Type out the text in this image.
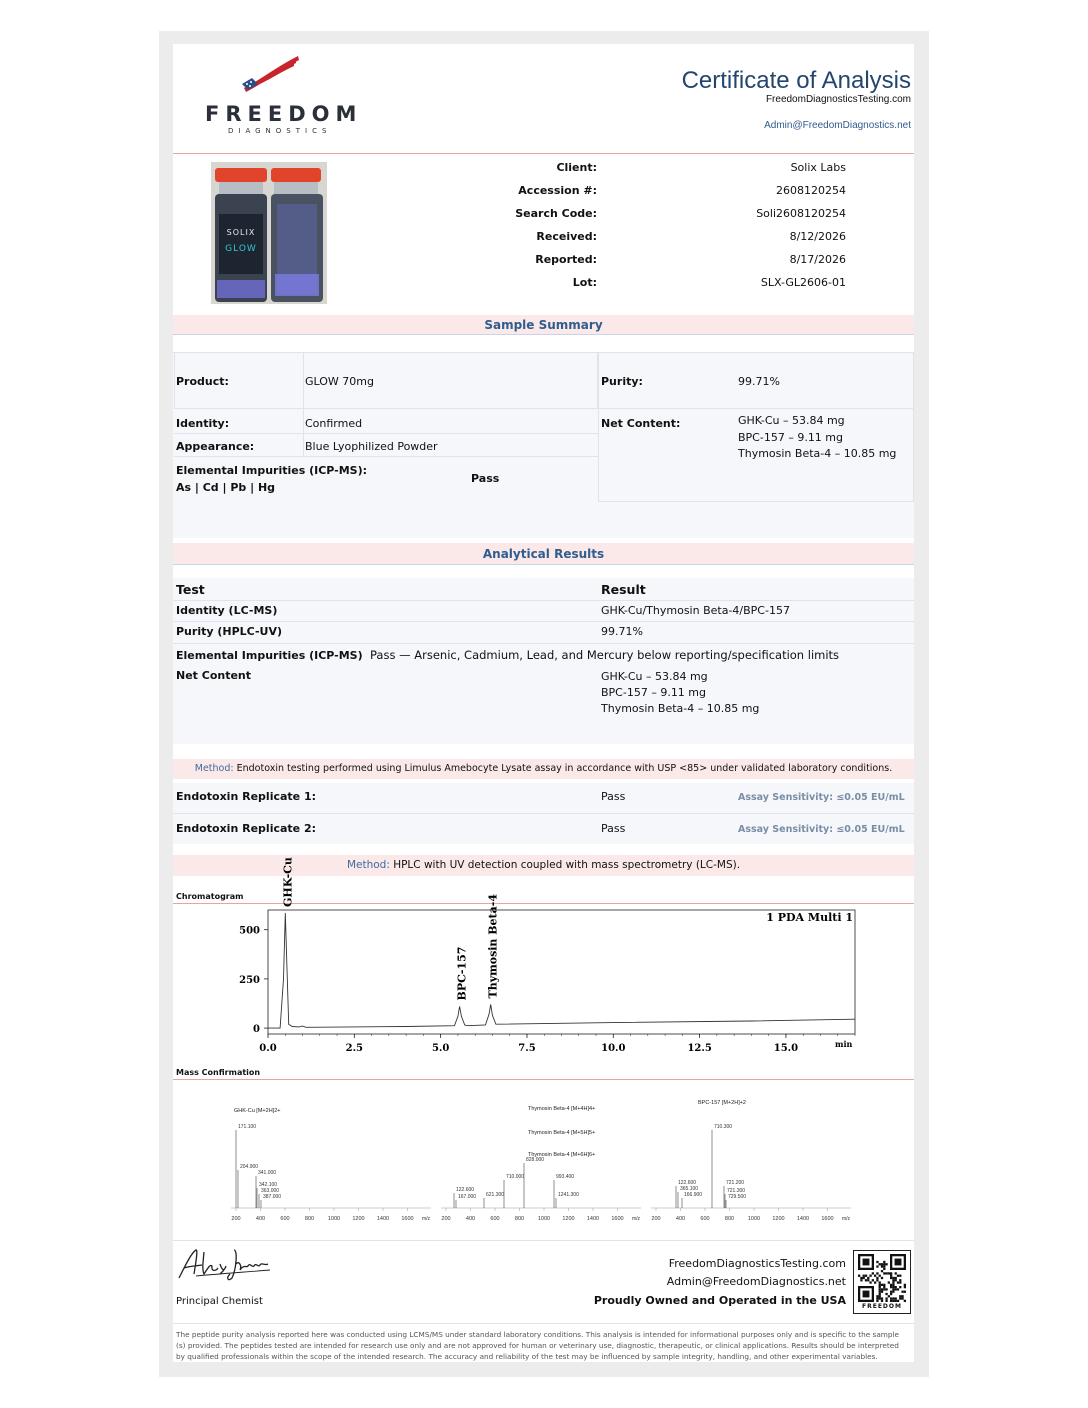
FREEDOM
DIAGNOSTICS
Certificate of Analysis
FreedomDiagnosticsTesting.com
Admin@FreedomDiagnostics.net
SOLIX
GLOW
Client:	Solix Labs
Accession #:	2608120254
Search Code:	Soli2608120254
Received:	8/12/2026
Reported:	8/17/2026
Lot:	SLX-GL2606-01
Sample Summary
Product:	GLOW 70mg	Purity:	99.71%
Identity:	Confirmed	Net Content:	GHK-Cu – 53.84 mg
BPC-157 – 9.11 mg
Thymosin Beta-4 – 10.85 mg
Appearance:	Blue Lyophilized Powder
Elemental Impurities (ICP-MS):
As | Cd | Pb | Hg
Pass
Analytical Results
Test	Result
Identity (LC-MS)	GHK-Cu/Thymosin Beta-4/BPC-157
Purity (HPLC-UV)	99.71%
Elemental Impurities (ICP-MS) Pass — Arsenic, Cadmium, Lead, and Mercury below reporting/specification limits
Net Content	GHK-Cu – 53.84 mg
BPC-157 – 9.11 mg
Thymosin Beta-4 – 10.85 mg
Method: Endotoxin testing performed using Limulus Amebocyte Lysate assay in accordance with USP <85> under validated laboratory conditions.
Endotoxin Replicate 1:	Pass	Assay Sensitivity: ≤0.05 EU/mL
Endotoxin Replicate 2:	Pass	Assay Sensitivity: ≤0.05 EU/mL
Method: HPLC with UV detection coupled with mass spectrometry (LC-MS).
Chromatogram
0.0	2.5	5.0	7.5	10.0	12.5	15.0	min
0
250
500
1 PDA Multi 1
GHK-Cu
BPC-157 Thymosin Beta-4
Mass Confirmation
200	400	600	800	1000 1200 1400 1600 m/z
GHK-Cu [M+2H]2+
171.100
204.900
341.000
342.100
363.000
387.000
200	400	600	800	1000 1200 1400 1600 m/z
Thymosin Beta-4 [M+4H]4+
Thymosin Beta-4 [M+5H]5+
Thymosin Beta-4 [M+6H]6+
122.600
167.000 621.300
710.000
828.000
993.400
1241.300
200	400	600	800	1000 1200 1400 1600 m/z
BPC-157 [M+2H]+2
122.600
365.100
166.900
710.300
721.200
721.300
729.500
Principal Chemist
FreedomDiagnosticsTesting.com
Admin@FreedomDiagnostics.net
Proudly Owned and Operated in the USA	FREEDOM
The peptide purity analysis reported here was conducted using LCMS/MS under standard laboratory conditions. This analysis is intended for informational purposes only and is specific to the sample
(s) provided. The peptides tested are intended for research use only and are not approved for human or veterinary use, diagnostic, therapeutic, or clinical applications. Results should be interpreted
by qualified professionals within the scope of the intended research. The accuracy and reliability of the test may be influenced by sample integrity, handling, and other experimental variables.
